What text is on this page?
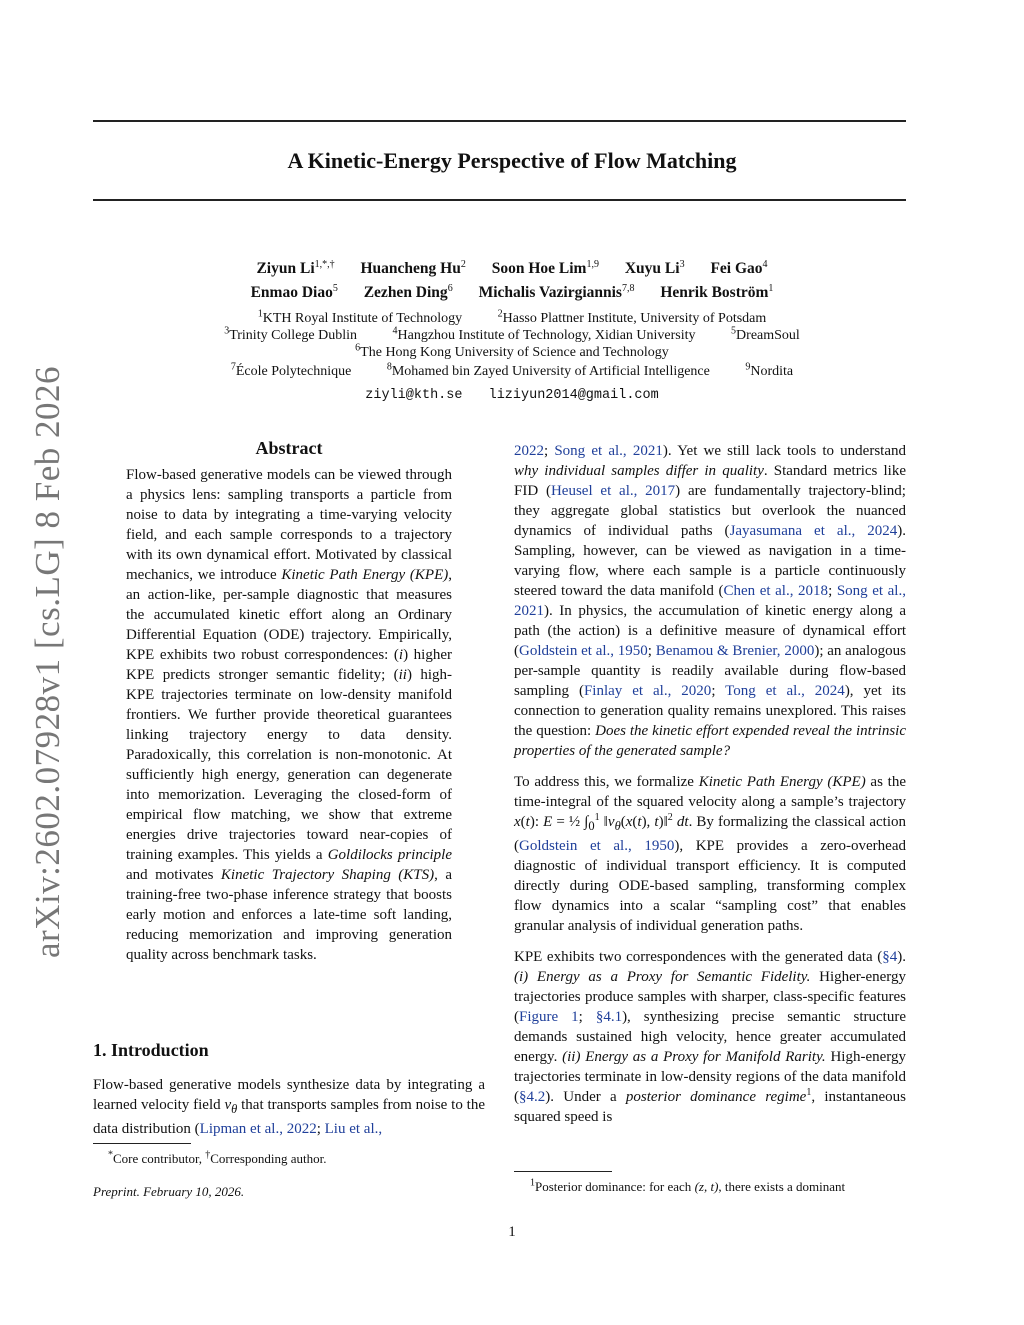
arXiv:2602.07928v1 [cs.LG] 8 Feb 2026
A Kinetic-Energy Perspective of Flow Matching
Ziyun $Li^{1,*,\dagger}$ Huancheng Hu$^2$ Soon Hoe Lim$^{1,9}$ Xuyu Li$^3$ Fei Gao$^4$
Enmao Diao$^5$ Zezhen Ding$^6$ Michalis Vazirgiannis$^{7,8}$ Henrik Boström$^1$
$^1$KTH Royal Institute of Technology	$^2$Hasso Plattner Institute, University of Potsdam
$^3$Trinity College Dublin	$^4$Hangzhou Institute of Technology, Xidian University	$^5$DreamSoul
$^6$The Hong Kong University of Science and Technology
$^7$École Polytechnique	$^8$Mohamed bin Zayed University of Artificial Intelligence	$^9$Nordita
ziyli@kth.se liziyun2014@gmail.com
Abstract

Flow-based generative models can be viewed through a physics lens: sampling transports a particle from noise to data by integrating a time-varying velocity field, and each sample corresponds to a trajectory with its own dynamical effort. Motivated by classical mechanics, we introduce Kinetic Path Energy (KPE), an action-like, per-sample diagnostic that measures the accumulated kinetic effort along an Ordinary Differential Equation (ODE) trajectory. Empirically, KPE exhibits two robust correspondences: (i) higher KPE predicts stronger semantic fidelity; (ii) high-KPE trajectories terminate on low-density manifold frontiers. We further provide theoretical guarantees linking trajectory energy to data density. Paradoxically, this correlation is non-monotonic. At sufficiently high energy, generation can degenerate into memorization. Leveraging the closed-form of empirical flow matching, we show that extreme energies drive trajectories toward near-copies of training examples. This yields a Goldilocks principle and motivates Kinetic Trajectory Shaping (KTS), a training-free two-phase inference strategy that boosts early motion and enforces a late-time soft landing, reducing memorization and improving generation quality across benchmark tasks.

1. Introduction

Flow-based generative models synthesize data by integrating a learned velocity field $v_\theta$ that transports samples from noise to the data distribution (Lipman et al., 2022; Liu et al.,

*Core contributor, †Corresponding author.
Preprint. February 10, 2026.

2022; Song et al., 2021). Yet we still lack tools to understand why individual samples differ in quality. Standard metrics like FID (Heusel et al., 2017) are fundamentally trajectory-blind; they aggregate global statistics but overlook the nuanced dynamics of individual paths (Jayasumana et al., 2024). Sampling, however, can be viewed as navigation in a time-varying flow, where each sample is a particle continuously steered toward the data manifold (Chen et al., 2018; Song et al., 2021). In physics, the accumulation of kinetic energy along a path (the action) is a definitive measure of dynamical effort (Goldstein et al., 1950; Benamou & Brenier, 2000); an analogous per-sample quantity is readily available during flow-based sampling (Finlay et al., 2020; Tong et al., 2024), yet its connection to generation quality remains unexplored. This raises the question: Does the kinetic effort expended reveal the intrinsic properties of the generated sample?

To address this, we formalize Kinetic Path Energy (KPE) as the time-integral of the squared velocity along a sample’s trajectory x(t): E = ½ $\int_0^1$ $‖v_\theta(x(t)$, t)‖$^2$ dt. By formalizing the classical action (Goldstein et al., 1950), KPE provides a zero-overhead diagnostic of individual transport efficiency. It is computed directly during ODE-based sampling, transforming complex flow dynamics into a scalar “sampling cost” that enables granular analysis of individual generation paths.

KPE exhibits two correspondences with the generated data (§4). (i) Energy as a Proxy for Semantic Fidelity. Higher-energy trajectories produce samples with sharper, class-specific features (Figure 1; §4.1), synthesizing precise semantic structure demands sustained high velocity, hence greater accumulated energy. (ii) Energy as a Proxy for Manifold Rarity. High-energy trajectories terminate in low-density regions of the data manifold (§4.2). Under a posterior dominance regime$^1$, instantaneous squared speed is

$^1$Posterior dominance: for each (z, t), there exists a dominant
1
